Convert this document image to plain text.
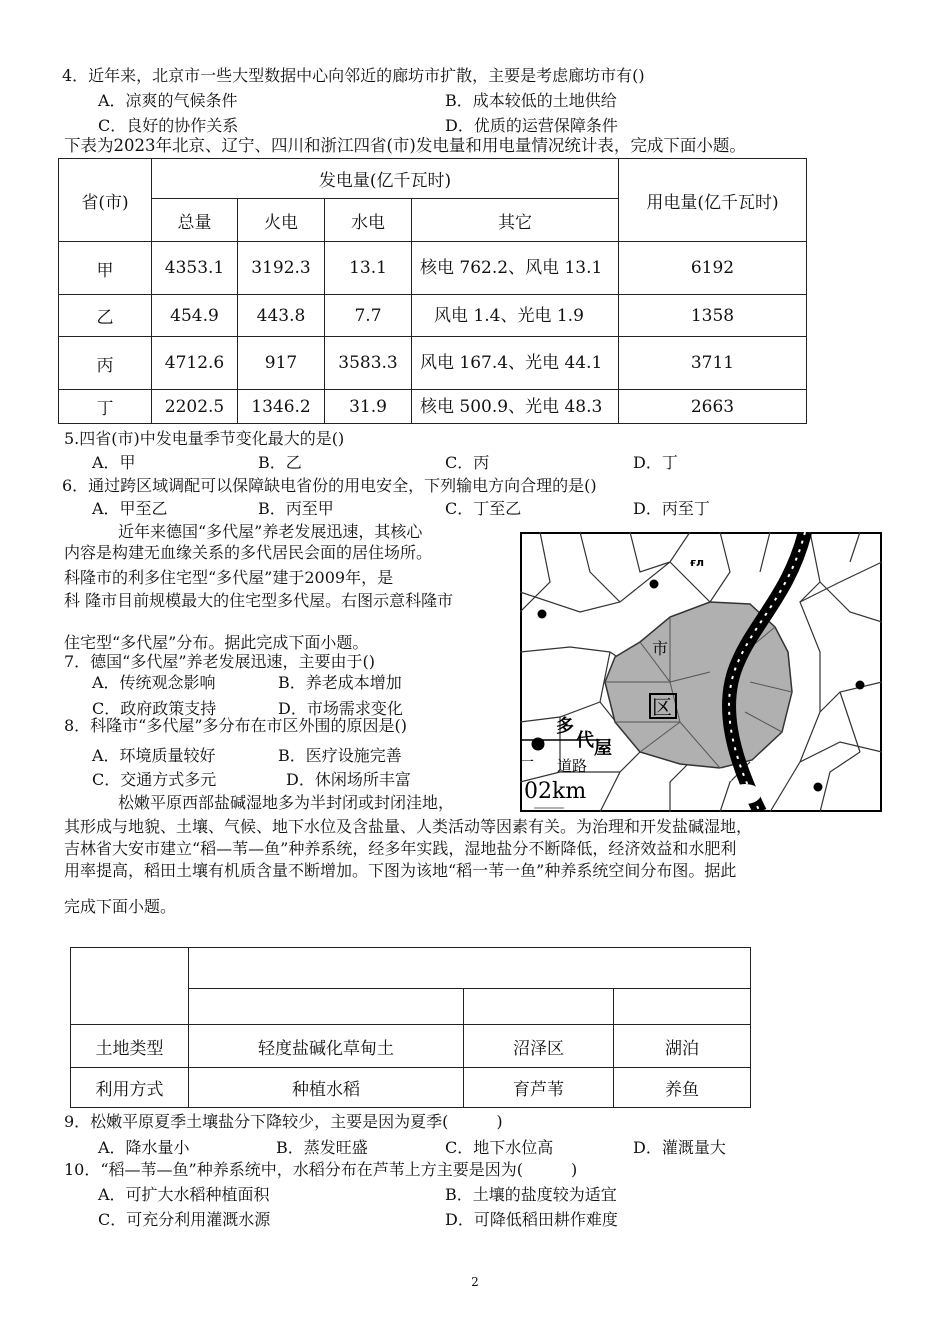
4．近年来，北京市一些大型数据中心向邻近的廊坊市扩散，主要是考虑廊坊市有()
A．凉爽的气候条件	B．成本较低的土地供给
C．良好的协作关系	D．优质的运营保障条件
下表为2023年北京、辽宁、四川和浙江四省(市)发电量和用电量情况统计表，完成下面小题。
省(市)	发电量(亿千瓦时)				用电量(亿千瓦时)
	总量	火电	水电	其它	
甲	4353.1	3192.3	13.1	核电 762.2、风电 13.1	6192
乙	454.9	443.8	7.7	风电 1.4、光电 1.9	1358
丙	4712.6	917	3583.3	风电 167.4、光电 44.1	3711
丁	2202.5	1346.2	31.9	核电 500.9、光电 48.3	2663
5.四省(市)中发电量季节变化最大的是()
A．甲	B．乙	C．丙	D．丁
6．通过跨区域调配可以保障缺电省份的用电安全，下列输电方向合理的是()
A．甲至乙	B．丙至甲	C．丁至乙	D．丙至丁
近年来德国“多代屋”养老发展迅速，其核心
内容是构建无血缘关系的多代居民会面的居住场所。
科隆市的利多住宅型“多代屋”建于2009年，是
科 隆市目前规模最大的住宅型多代屋。右图示意科隆市
住宅型“多代屋”分布。据此完成下面小题。
7．德国“多代屋”养老发展迅速，主要由于()
A．传统观念影响	B．养老成本增加
C．政府政策支持	D．市场需求变化
8．科隆市“多代屋”多分布在市区外围的原因是()
A．环境质量较好	B．医疗设施完善
C．交通方式多元	D．休闲场所丰富
市
区
多
代 屋
一 道路
02km
流
ғл
松嫩平原西部盐碱湿地多为半封闭或封闭洼地，
其形成与地貌、土壤、气候、地下水位及含盐量、人类活动等因素有关。为治理和开发盐碱湿地，
吉林省大安市建立“稻—苇—鱼”种养系统，经多年实践，湿地盐分不断降低，经济效益和水肥利
用率提高，稻田土壤有机质含量不断增加。下图为该地“稻一苇一鱼”种养系统空间分布图。据此
完成下面小题。

土地类型	轻度盐碱化草甸土	沼泽区	湖泊
利用方式	种植水稻	育芦苇	养鱼
9．松嫩平原夏季土壤盐分下降较少，主要是因为夏季(　　　)
A．降水量小	B．蒸发旺盛	C．地下水位高	D．灌溉量大
10．“稻—苇—鱼”种养系统中，水稻分布在芦苇上方主要是因为(　　　)
A．可扩大水稻种植面积	B．土壤的盐度较为适宜
C．可充分利用灌溉水源	D．可降低稻田耕作难度
2
